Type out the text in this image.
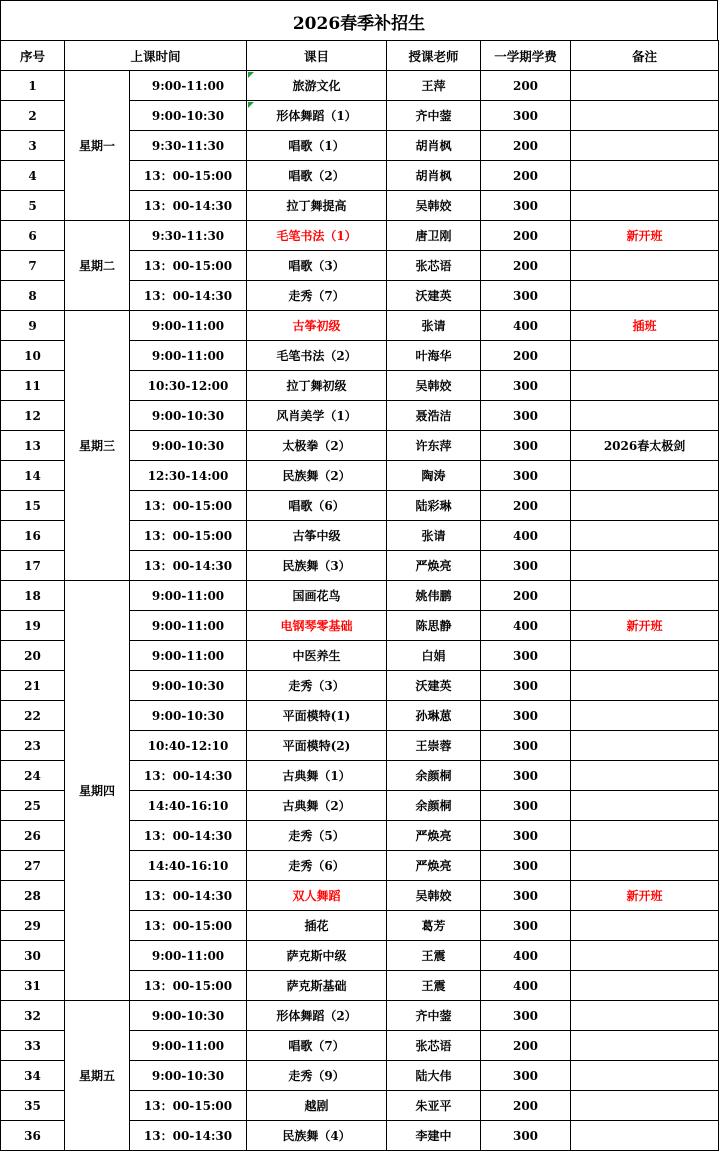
2026春季补招生
序号	上课时间		课目	授课老师	一学期学费	备注
1	星期一	9:00-11:00	旅游文化	王萍	200	
2		9:00-10:30	形体舞蹈（1）	齐中蓥	300	
3		9:30-11:30	唱歌（1）	胡肖枫	200	
4		13：00-15:00	唱歌（2）	胡肖枫	200	
5		13：00-14:30	拉丁舞提高	吴韩姣	300	
6	星期二	9:30-11:30	毛笔书法（1）	唐卫刚	200	新开班
7		13：00-15:00	唱歌（3）	张芯语	200	
8		13：00-14:30	走秀（7）	沃建英	300	
9	星期三	9:00-11:00	古筝初级	张请	400	插班
10		9:00-11:00	毛笔书法（2）	叶海华	200	
11		10:30-12:00	拉丁舞初级	吴韩姣	300	
12		9:00-10:30	风肖美学（1）	聂浩洁	300	
13		9:00-10:30	太极拳（2）	许东萍	300	2026春太极剑
14		12:30-14:00	民族舞（2）	陶涛	300	
15		13：00-15:00	唱歌（6）	陆彩琳	200	
16		13：00-15:00	古筝中级	张请	400	
17		13：00-14:30	民族舞（3）	严焕亮	300	
18	星期四	9:00-11:00	国画花鸟	姚伟鹏	200	
19		9:00-11:00	电钢琴零基础	陈思静	400	新开班
20		9:00-11:00	中医养生	白娟	300	
21		9:00-10:30	走秀（3）	沃建英	300	
22		9:00-10:30	平面模特(1)	孙琳葸	300	
23		10:40-12:10	平面模特(2)	王崇蓉	300	
24		13：00-14:30	古典舞（1）	余颜桐	300	
25		14:40-16:10	古典舞（2）	余颜桐	300	
26		13：00-14:30	走秀（5）	严焕亮	300	
27		14:40-16:10	走秀（6）	严焕亮	300	
28		13：00-14:30	双人舞蹈	吴韩姣	300	新开班
29		13：00-15:00	插花	葛芳	300	
30		9:00-11:00	萨克斯中级	王震	400	
31		13：00-15:00	萨克斯基础	王震	400	
32	星期五	9:00-10:30	形体舞蹈（2）	齐中蓥	300	
33		9:00-11:00	唱歌（7）	张芯语	200	
34		9:00-10:30	走秀（9）	陆大伟	300	
35		13：00-15:00	越剧	朱亚平	200	
36		13：00-14:30	民族舞（4）	李建中	300	
